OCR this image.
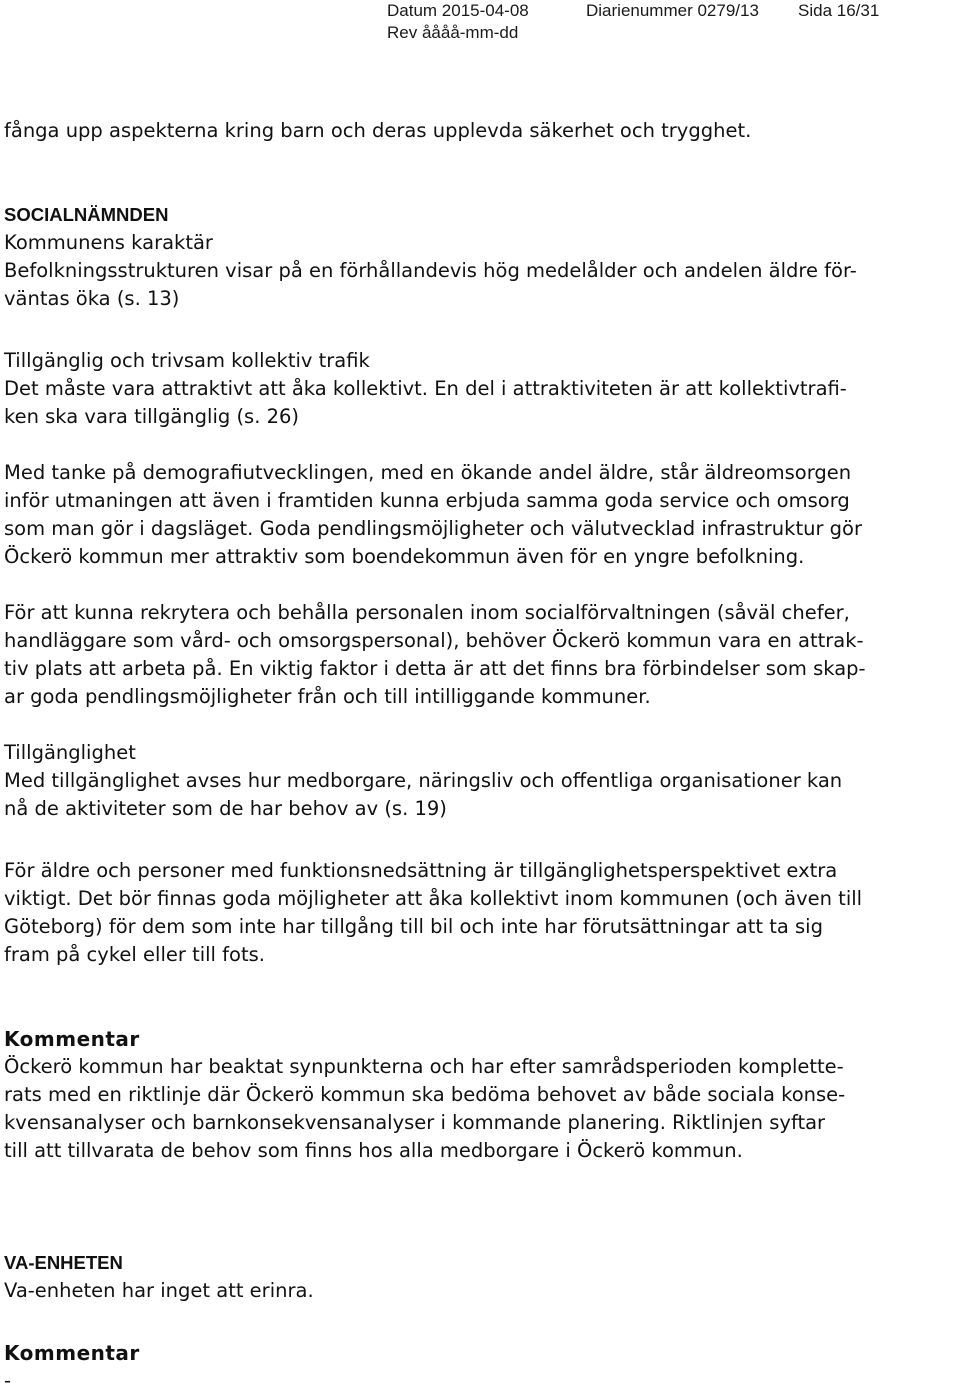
Datum 2015-04-08	Diarienummer 0279/13 Sida 16/31
Rev åååå-mm-dd

fånga upp aspekterna kring barn och deras upplevda säkerhet och trygghet.

SOCIALNÄMNDEN

Kommunens karaktär

Befolkningsstrukturen visar på en förhållandevis hög medelålder och andelen äldre för-

väntas öka (s. 13)

Tillgänglig och trivsam kollektiv trafik

Det måste vara attraktivt att åka kollektivt. En del i attraktiviteten är att kollektivtrafi-

ken ska vara tillgänglig (s. 26)

Med tanke på demografiutvecklingen, med en ökande andel äldre, står äldreomsorgen

inför utmaningen att även i framtiden kunna erbjuda samma goda service och omsorg

som man gör i dagsläget. Goda pendlingsmöjligheter och välutvecklad infrastruktur gör

Öckerö kommun mer attraktiv som boendekommun även för en yngre befolkning.

För att kunna rekrytera och behålla personalen inom socialförvaltningen (såväl chefer,

handläggare som vård- och omsorgspersonal), behöver Öckerö kommun vara en attrak-

tiv plats att arbeta på. En viktig faktor i detta är att det finns bra förbindelser som skap-

ar goda pendlingsmöjligheter från och till intilliggande kommuner.

Tillgänglighet

Med tillgänglighet avses hur medborgare, näringsliv och offentliga organisationer kan

nå de aktiviteter som de har behov av (s. 19)

För äldre och personer med funktionsnedsättning är tillgänglighetsperspektivet extra

viktigt. Det bör finnas goda möjligheter att åka kollektivt inom kommunen (och även till

Göteborg) för dem som inte har tillgång till bil och inte har förutsättningar att ta sig

fram på cykel eller till fots.

Kommentar

Öckerö kommun har beaktat synpunkterna och har efter samrådsperioden komplette-

rats med en riktlinje där Öckerö kommun ska bedöma behovet av både sociala konse-

kvensanalyser och barnkonsekvensanalyser i kommande planering. Riktlinjen syftar

till att tillvarata de behov som finns hos alla medborgare i Öckerö kommun.

VA-ENHETEN

Va-enheten har inget att erinra.

Kommentar

-
